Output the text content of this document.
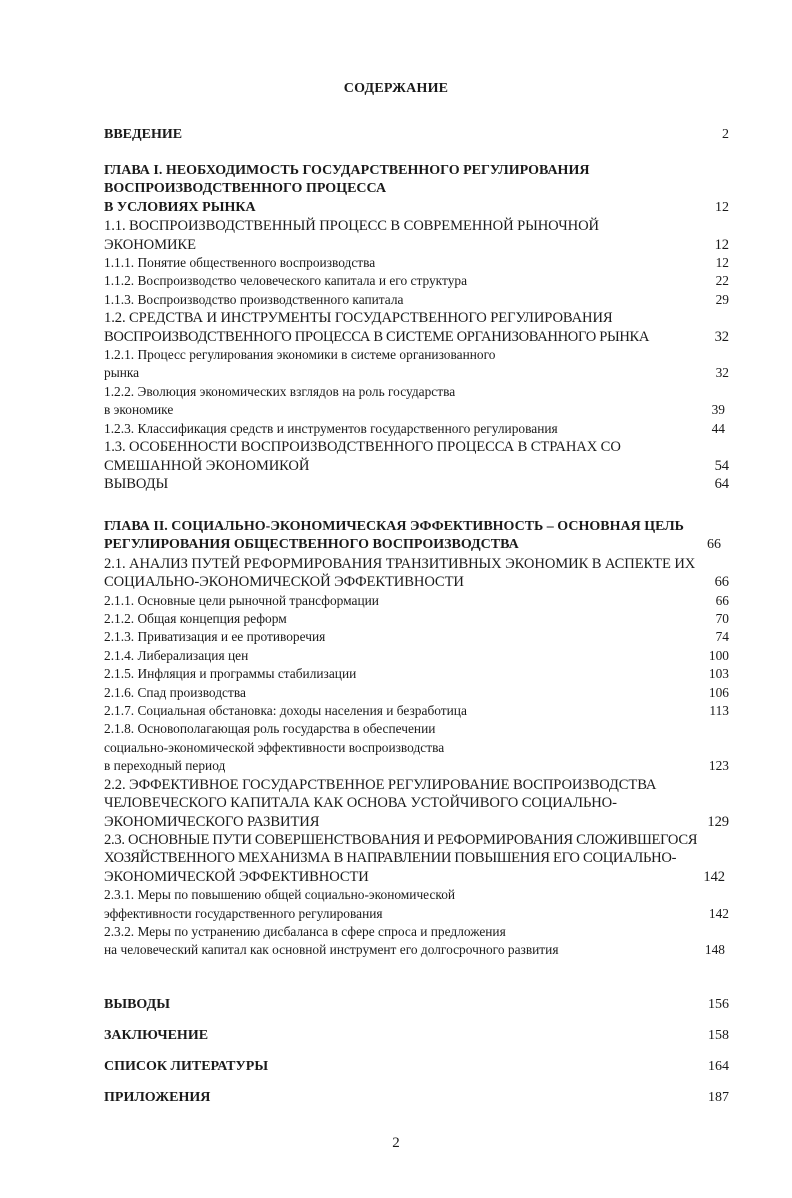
СОДЕРЖАНИЕ
ВВЕДЕНИЕ	2
ГЛАВА I. НЕОБХОДИМОСТЬ ГОСУДАРСТВЕННОГО РЕГУЛИРОВАНИЯ
ВОСПРОИЗВОДСТВЕННОГО ПРОЦЕССА
В УСЛОВИЯХ РЫНКА	12
1.1. ВОСПРОИЗВОДСТВЕННЫЙ ПРОЦЕСС В СОВРЕМЕННОЙ РЫНОЧНОЙ
ЭКОНОМИКЕ	12
1.1.1. Понятие общественного воспроизводства	12
1.1.2. Воспроизводство человеческого капитала и его структура	22
1.1.3. Воспроизводство производственного капитала	29
1.2. СРЕДСТВА И ИНСТРУМЕНТЫ ГОСУДАРСТВЕННОГО РЕГУЛИРОВАНИЯ
ВОСПРОИЗВОДСТВЕННОГО ПРОЦЕССА В СИСТЕМЕ ОРГАНИЗОВАННОГО РЫНКА	32
1.2.1. Процесс регулирования экономики в системе организованного
рынка	32
1.2.2. Эволюция экономических взглядов на роль государства
в экономике	39
1.2.3. Классификация средств и инструментов государственного регулирования	44
1.3. ОСОБЕННОСТИ ВОСПРОИЗВОДСТВЕННОГО ПРОЦЕССА В СТРАНАХ СО
СМЕШАННОЙ ЭКОНОМИКОЙ	54
ВЫВОДЫ	64
ГЛАВА II. СОЦИАЛЬНО-ЭКОНОМИЧЕСКАЯ ЭФФЕКТИВНОСТЬ – ОСНОВНАЯ ЦЕЛЬ
РЕГУЛИРОВАНИЯ ОБЩЕСТВЕННОГО ВОСПРОИЗВОДСТВА	66
2.1. АНАЛИЗ ПУТЕЙ РЕФОРМИРОВАНИЯ ТРАНЗИТИВНЫХ ЭКОНОМИК В АСПЕКТЕ ИХ
СОЦИАЛЬНО-ЭКОНОМИЧЕСКОЙ ЭФФЕКТИВНОСТИ	66
2.1.1. Основные цели рыночной трансформации	66
2.1.2. Общая концепция реформ	70
2.1.3. Приватизация и ее противоречия	74
2.1.4. Либерализация цен	100
2.1.5. Инфляция и программы стабилизации	103
2.1.6. Спад производства	106
2.1.7. Социальная обстановка: доходы населения и безработица	113
2.1.8. Основополагающая роль государства в обеспечении
социально-экономической эффективности воспроизводства
в переходный период	123
2.2. ЭФФЕКТИВНОЕ ГОСУДАРСТВЕННОЕ РЕГУЛИРОВАНИЕ ВОСПРОИЗВОДСТВА
ЧЕЛОВЕЧЕСКОГО КАПИТАЛА КАК ОСНОВА УСТОЙЧИВОГО СОЦИАЛЬНО-
ЭКОНОМИЧЕСКОГО РАЗВИТИЯ	129
2.3. ОСНОВНЫЕ ПУТИ СОВЕРШЕНСТВОВАНИЯ И РЕФОРМИРОВАНИЯ СЛОЖИВШЕГОСЯ
ХОЗЯЙСТВЕННОГО МЕХАНИЗМА В НАПРАВЛЕНИИ ПОВЫШЕНИЯ ЕГО СОЦИАЛЬНО-
ЭКОНОМИЧЕСКОЙ ЭФФЕКТИВНОСТИ	142
2.3.1. Меры по повышению общей социально-экономической
эффективности государственного регулирования	142
2.3.2. Меры по устранению дисбаланса в сфере спроса и предложения
на человеческий капитал как основной инструмент его долгосрочного развития	148
ВЫВОДЫ	156
ЗАКЛЮЧЕНИЕ	158
СПИСОК ЛИТЕРАТУРЫ	164
ПРИЛОЖЕНИЯ	187
2
